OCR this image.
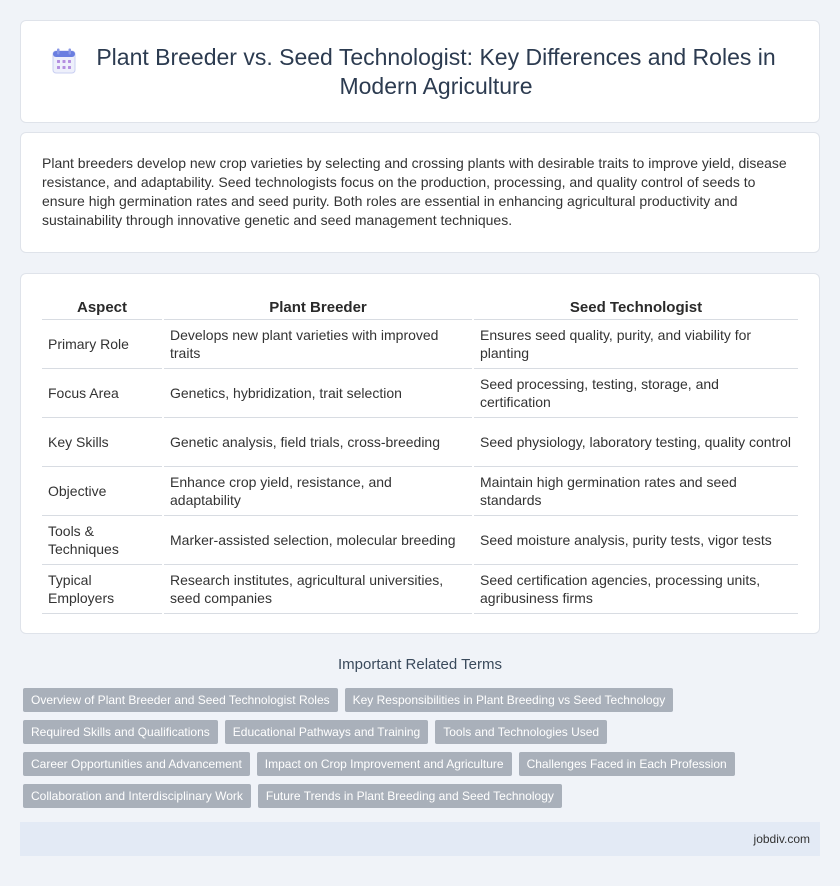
Plant Breeder vs. Seed Technologist: Key Differences and Roles in Modern Agriculture

Plant breeders develop new crop varieties by selecting and crossing plants with desirable traits to improve yield, disease resistance, and adaptability. Seed technologists focus on the production, processing, and quality control of seeds to ensure high germination rates and seed purity. Both roles are essential in enhancing agricultural productivity and sustainability through innovative genetic and seed management techniques.

Aspect	Plant Breeder	Seed Technologist
Primary Role	Develops new plant varieties with improved traits	Ensures seed quality, purity, and viability for planting
Focus Area	Genetics, hybridization, trait selection	Seed processing, testing, storage, and certification
Key Skills	Genetic analysis, field trials, cross-breeding	Seed physiology, laboratory testing, quality control
Objective	Enhance crop yield, resistance, and adaptability	Maintain high germination rates and seed standards
Tools & Techniques	Marker-assisted selection, molecular breeding	Seed moisture analysis, purity tests, vigor tests
Typical Employers	Research institutes, agricultural universities, seed companies	Seed certification agencies, processing units, agribusiness firms
Important Related Terms
Overview of Plant Breeder and Seed Technologist Roles	Key Responsibilities in Plant Breeding vs Seed Technology
Required Skills and Qualifications	Educational Pathways and Training	Tools and Technologies Used
Career Opportunities and Advancement	Impact on Crop Improvement and Agriculture	Challenges Faced in Each Profession
Collaboration and Interdisciplinary Work	Future Trends in Plant Breeding and Seed Technology
jobdiv.com
